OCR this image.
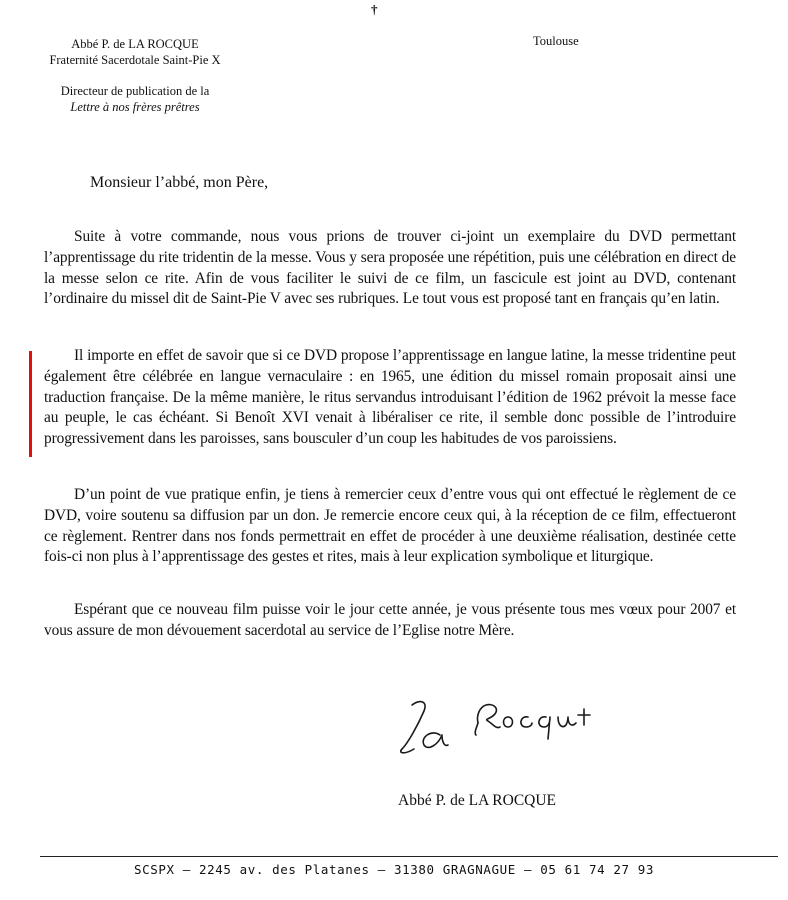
†
Abbé P. de LA ROCQUE
Fraternité Sacerdotale Saint-Pie X
Directeur de publication de la
Lettre à nos frères prêtres
Toulouse
Monsieur l’abbé, mon Père,
Suite à votre commande, nous vous prions de trouver ci-joint un exemplaire du DVD permettant l’apprentissage du rite tridentin de la messe. Vous y sera proposée une répétition, puis une célébration en direct de la messe selon ce rite. Afin de vous faciliter le suivi de ce film, un fascicule est joint au DVD, contenant l’ordinaire du missel dit de Saint-Pie V avec ses rubriques. Le tout vous est proposé tant en français qu’en latin.
Il importe en effet de savoir que si ce DVD propose l’apprentissage en langue latine, la messe tridentine peut également être célébrée en langue vernaculaire : en 1965, une édition du missel romain proposait ainsi une traduction française. De la même manière, le ritus servandus introduisant l’édition de 1962 prévoit la messe face au peuple, le cas échéant. Si Benoît XVI venait à libéraliser ce rite, il semble donc possible de l’introduire progressivement dans les paroisses, sans bousculer d’un coup les habitudes de vos paroissiens.
D’un point de vue pratique enfin, je tiens à remercier ceux d’entre vous qui ont effectué le règlement de ce DVD, voire soutenu sa diffusion par un don. Je remercie encore ceux qui, à la réception de ce film, effectueront ce règlement. Rentrer dans nos fonds permettrait en effet de procéder à une deuxième réalisation, destinée cette fois-ci non plus à l’apprentissage des gestes et rites, mais à leur explication symbolique et liturgique.
Espérant que ce nouveau film puisse voir le jour cette année, je vous présente tous mes vœux pour 2007 et vous assure de mon dévouement sacerdotal au service de l’Eglise notre Mère.
Abbé P. de LA ROCQUE
SCSPX – 2245 av. des Platanes – 31380 GRAGNAGUE – 05 61 74 27 93
